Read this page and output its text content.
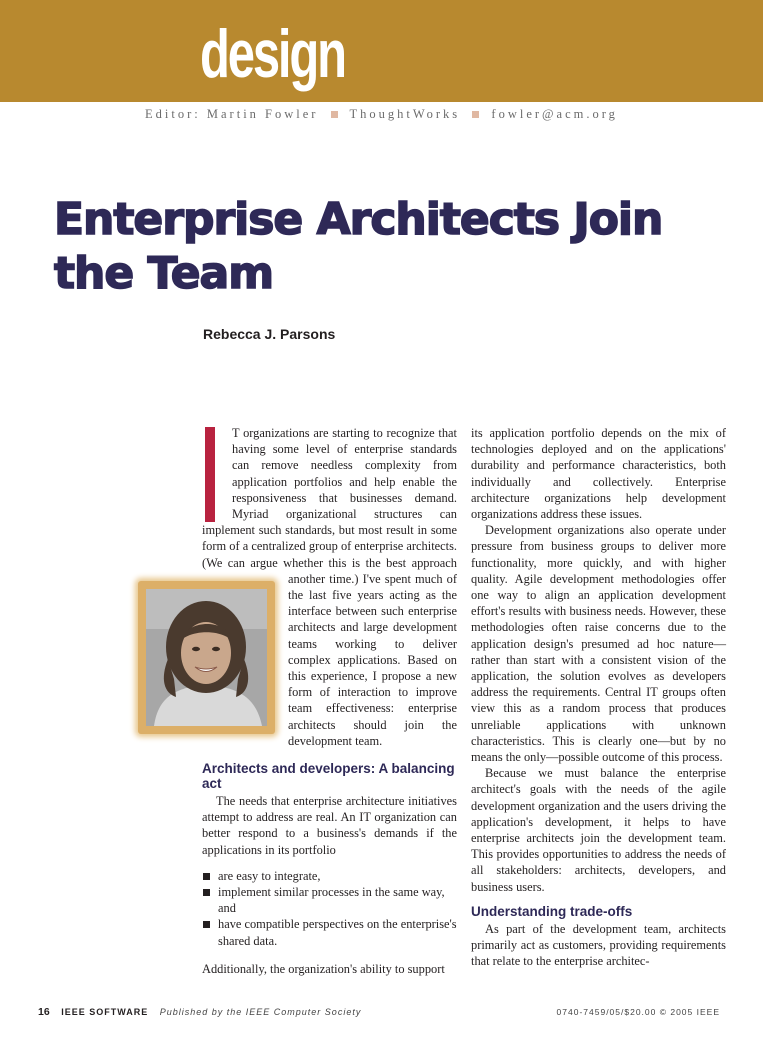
design
Editor: Martin Fowler ThoughtWorks	fowler@acm.org
Enterprise Architects Join the Team
Rebecca J. Parsons

T organizations are starting to recognize that having some level of enterprise standards can remove needless complexity from application portfolios and help enable the responsiveness that businesses demand. Myriad organizational structures can implement such standards, but most result in some form of a centralized group of enterprise architects. (We can argue whether this is the best ap
proach another time.) I've spent much of the last five years acting as the interface between such enterprise architects and large development teams working to deliver complex applications. Based on this experience, I propose a new form of interaction to improve team effectiveness: enterprise architects should join the development team.

Architects and developers: A balancing act

The needs that enterprise architecture initiatives attempt to address are real. An IT organization can better respond to a business's demands if the applications in its portfolio

are easy to integrate,
implement similar processes in the same way, and
have compatible perspectives on the enterprise's shared data.

Additionally, the organization's ability to support

its application portfolio depends on the mix of technologies deployed and on the applications' durability and performance characteristics, both individually and collectively. Enterprise architecture organizations help development organizations address these issues.

Development organizations also operate under pressure from business groups to deliver more functionality, more quickly, and with higher quality. Agile development methodologies offer one way to align an application development effort's results with business needs. However, these methodologies often raise concerns due to the application design's presumed ad hoc nature—rather than start with a consistent vision of the application, the solution evolves as developers address the requirements. Central IT groups often view this as a random process that produces unreliable applications with unknown characteristics. This is clearly one—but by no means the only—possible outcome of this process.

Because we must balance the enterprise architect's goals with the needs of the agile development organization and the users driving the application's development, it helps to have enterprise architects join the development team. This provides opportunities to address the needs of all stakeholders: architects, developers, and business users.

Understanding trade-offs

As part of the development team, architects primarily act as customers, providing requirements that relate to the enterprise architec-

16 IEEE SOFTWARE Published by the IEEE Computer Society	0740-7459/05/$20.00 © 2005 IEEE
